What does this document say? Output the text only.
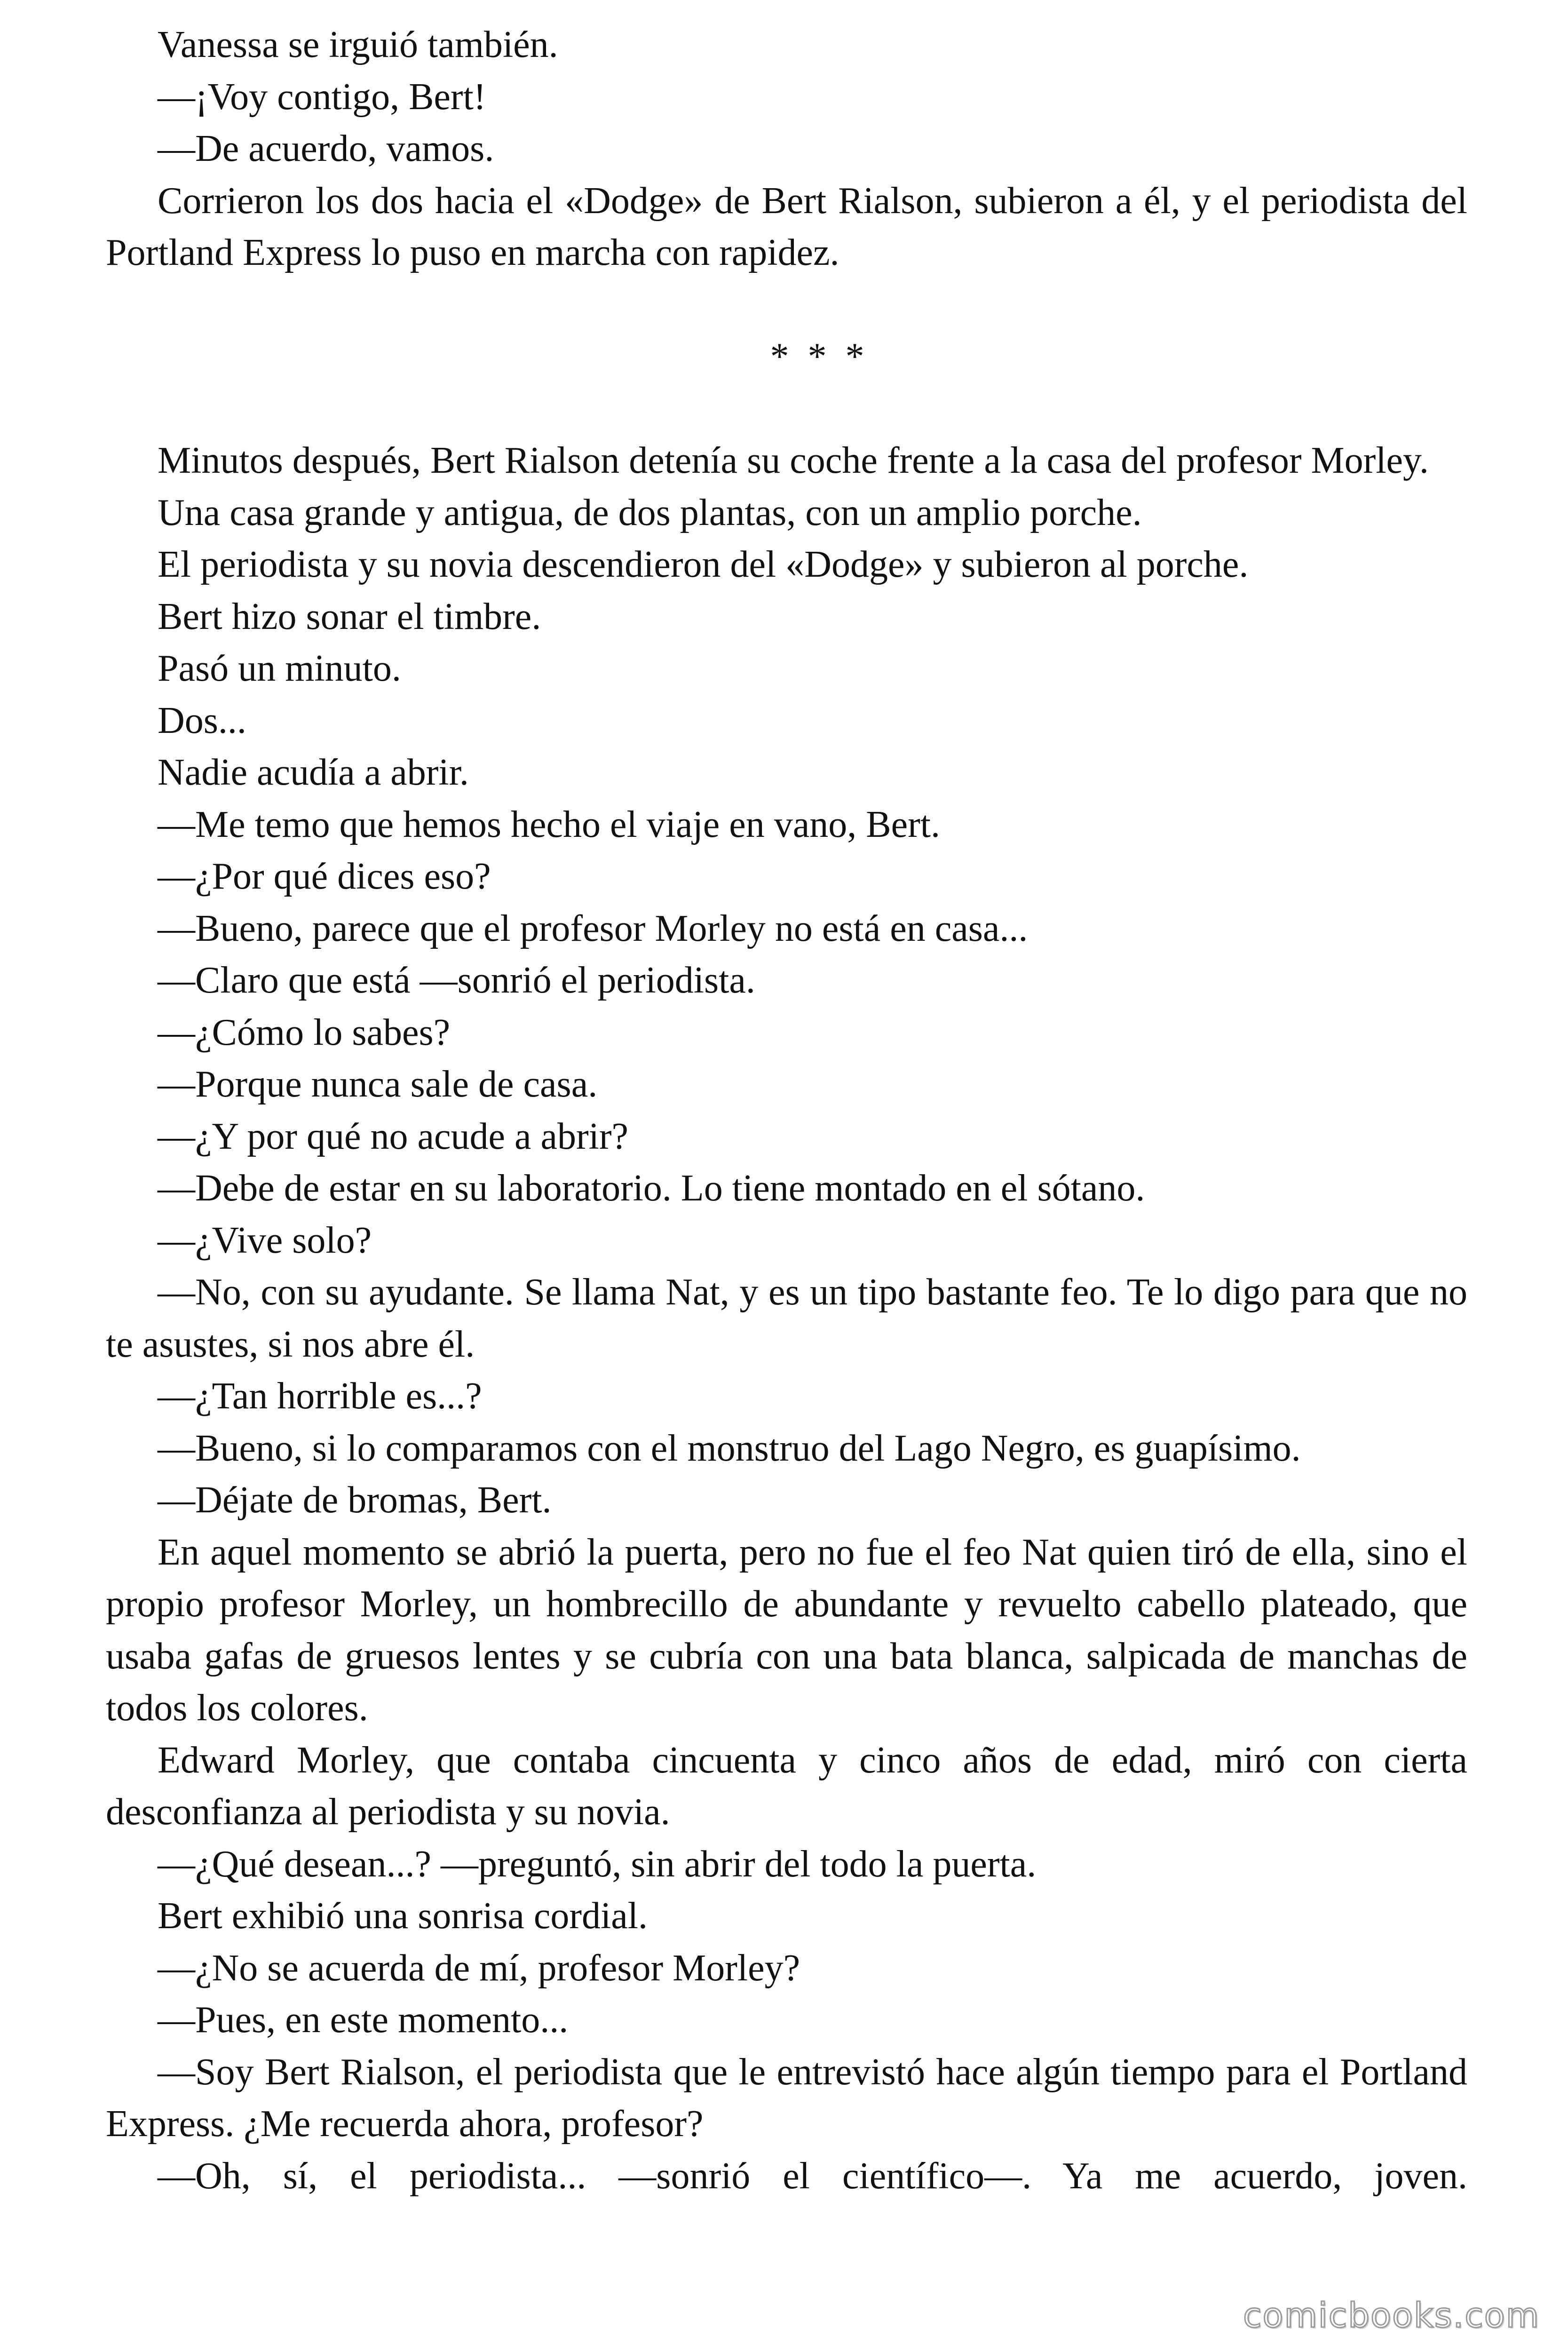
Vanessa se irguió también.

—¡Voy contigo, Bert!

—De acuerdo, vamos.

Corrieron los dos hacia el «Dodge» de Bert Rialson, subieron a él, y el periodista del Portland Express lo puso en marcha con rapidez.

* * *

Minutos después, Bert Rialson detenía su coche frente a la casa del profesor Morley.

Una casa grande y antigua, de dos plantas, con un amplio porche.

El periodista y su novia descendieron del «Dodge» y subieron al porche.

Bert hizo sonar el timbre.

Pasó un minuto.

Dos...

Nadie acudía a abrir.

—Me temo que hemos hecho el viaje en vano, Bert.

—¿Por qué dices eso?

—Bueno, parece que el profesor Morley no está en casa...

—Claro que está —sonrió el periodista.

—¿Cómo lo sabes?

—Porque nunca sale de casa.

—¿Y por qué no acude a abrir?

—Debe de estar en su laboratorio. Lo tiene montado en el sótano.

—¿Vive solo?

—No, con su ayudante. Se llama Nat, y es un tipo bastante feo. Te lo digo para que no te asustes, si nos abre él.

—¿Tan horrible es...?

—Bueno, si lo comparamos con el monstruo del Lago Negro, es guapísimo.

—Déjate de bromas, Bert.

En aquel momento se abrió la puerta, pero no fue el feo Nat quien tiró de ella, sino el propio profesor Morley, un hombrecillo de abundante y revuelto cabello plateado, que usaba gafas de gruesos lentes y se cubría con una bata blanca, salpicada de manchas de todos los colores.

Edward Morley, que contaba cincuenta y cinco años de edad, miró con cierta desconfianza al periodista y su novia.

—¿Qué desean...? —preguntó, sin abrir del todo la puerta.

Bert exhibió una sonrisa cordial.

—¿No se acuerda de mí, profesor Morley?

—Pues, en este momento...

—Soy Bert Rialson, el periodista que le entrevistó hace algún tiempo para el Portland Express. ¿Me recuerda ahora, profesor?

—Oh, sí, el periodista... —sonrió el científico—. Ya me acuerdo, joven.

comicbooks.com
